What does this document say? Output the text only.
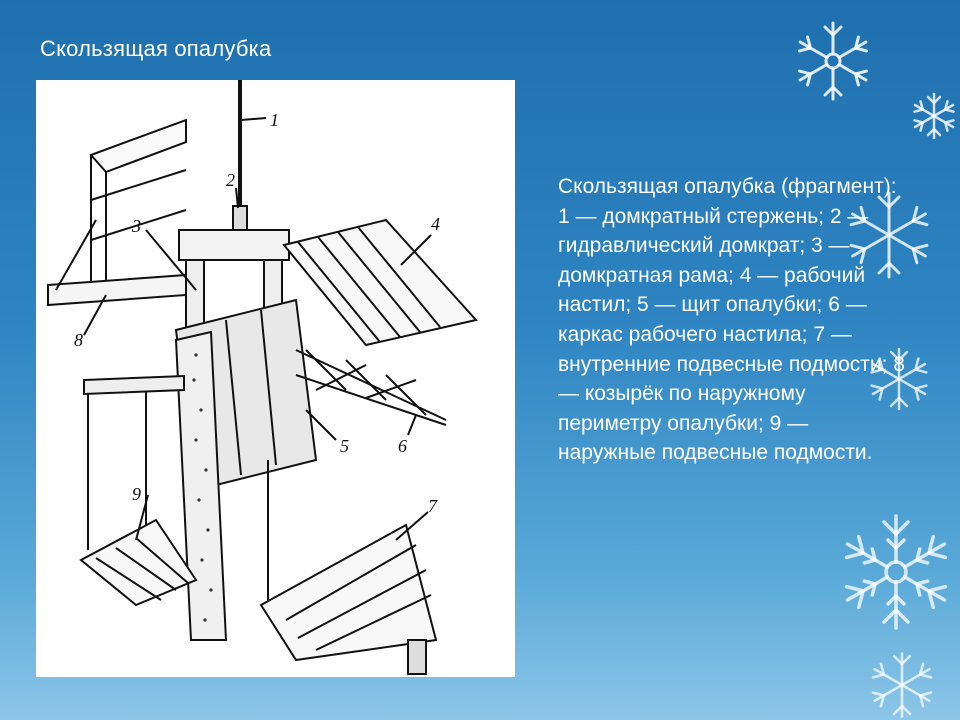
Скользящая опалубка
1
2
3	4
5	6
7
8
9
Скользящая опалубка (фрагмент): 1 — домкратный стержень; 2 — гидравлический домкрат; 3 — домкратная рама; 4 — рабочий настил; 5 — щит опалубки; 6 — каркас рабочего настила; 7 — внутренние подвесные подмости; 8 — козырёк по наружному периметру опалубки; 9 — наружные подвесные подмости.
